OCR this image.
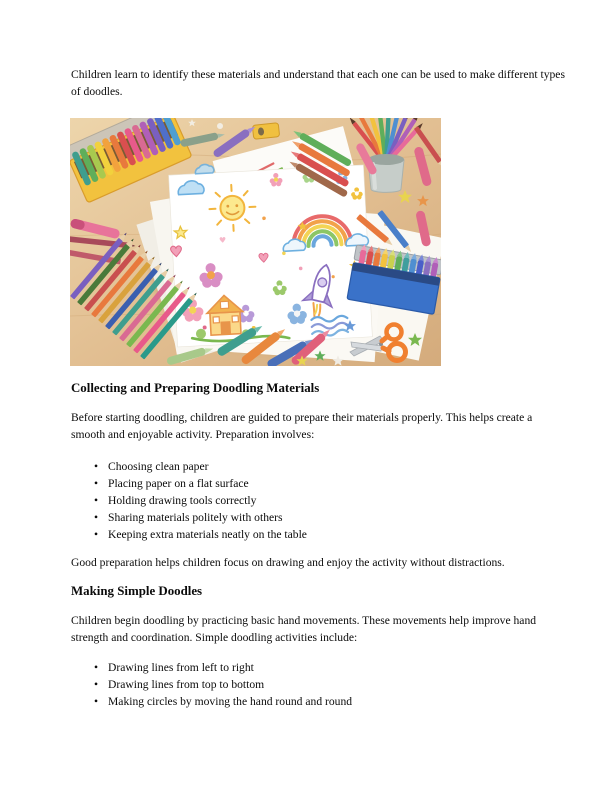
Children learn to identify these materials and understand that each one can be used to make different types of doodles.

Collecting and Preparing Doodling Materials

Before starting doodling, children are guided to prepare their materials properly. This helps create a smooth and enjoyable activity. Preparation involves:

• Choosing clean paper
• Placing paper on a flat surface
• Holding drawing tools correctly
• Sharing materials politely with others
• Keeping extra materials neatly on the table

Good preparation helps children focus on drawing and enjoy the activity without distractions.

Making Simple Doodles

Children begin doodling by practicing basic hand movements. These movements help improve hand strength and coordination. Simple doodling activities include:

• Drawing lines from left to right
• Drawing lines from top to bottom
• Making circles by moving the hand round and round
